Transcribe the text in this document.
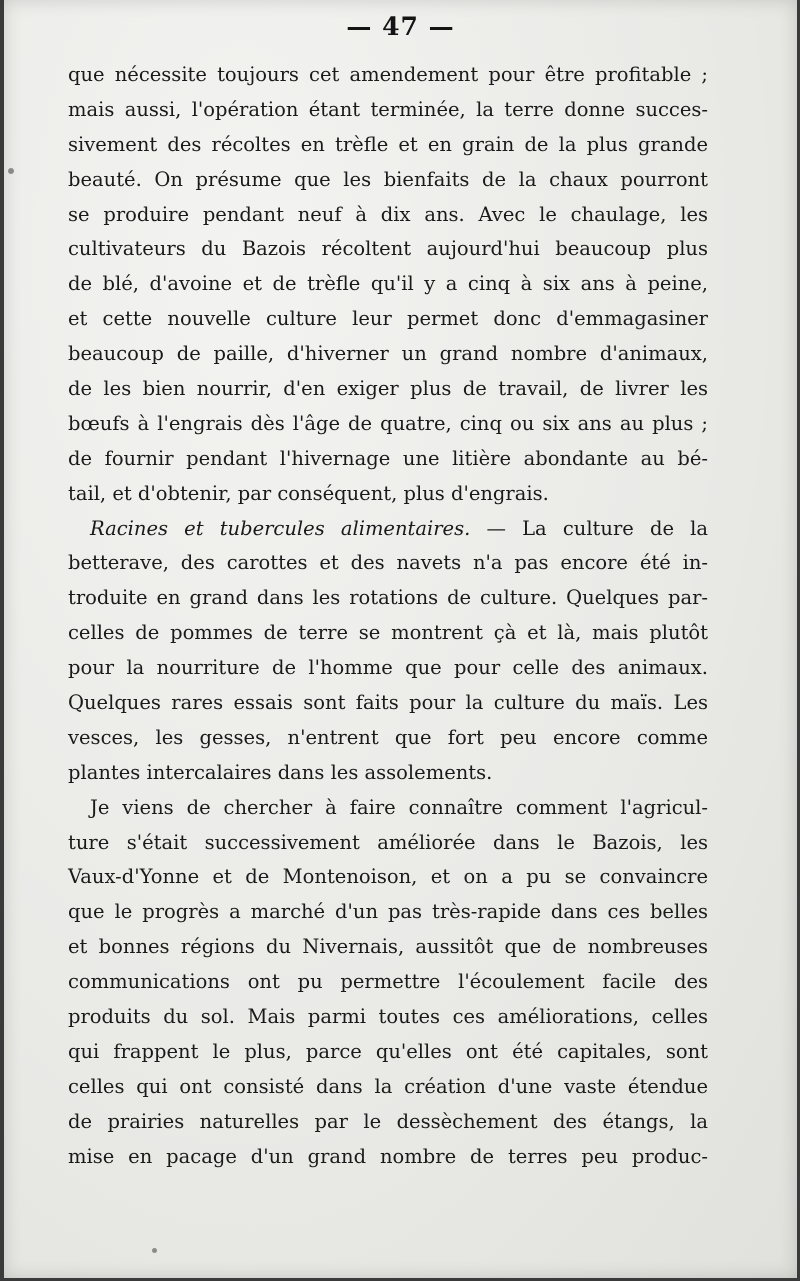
— 47 —
que nécessite toujours cet amendement pour être profitable ;
mais aussi, l'opération étant terminée, la terre donne succes-
sivement des récoltes en trèfle et en grain de la plus grande
beauté. On présume que les bienfaits de la chaux pourront
se produire pendant neuf à dix ans. Avec le chaulage, les
cultivateurs du Bazois récoltent aujourd'hui beaucoup plus
de blé, d'avoine et de trèfle qu'il y a cinq à six ans à peine,
et cette nouvelle culture leur permet donc d'emmagasiner
beaucoup de paille, d'hiverner un grand nombre d'animaux,
de les bien nourrir, d'en exiger plus de travail, de livrer les
bœufs à l'engrais dès l'âge de quatre, cinq ou six ans au plus ;
de fournir pendant l'hivernage une litière abondante au bé-
tail, et d'obtenir, par conséquent, plus d'engrais.
Racines et tubercules alimentaires. — La culture de la
betterave, des carottes et des navets n'a pas encore été in-
troduite en grand dans les rotations de culture. Quelques par-
celles de pommes de terre se montrent çà et là, mais plutôt
pour la nourriture de l'homme que pour celle des animaux.
Quelques rares essais sont faits pour la culture du maïs. Les
vesces, les gesses, n'entrent que fort peu encore comme
plantes intercalaires dans les assolements.
Je viens de chercher à faire connaître comment l'agricul-
ture s'était successivement améliorée dans le Bazois, les
Vaux-d'Yonne et de Montenoison, et on a pu se convaincre
que le progrès a marché d'un pas très-rapide dans ces belles
et bonnes régions du Nivernais, aussitôt que de nombreuses
communications ont pu permettre l'écoulement facile des
produits du sol. Mais parmi toutes ces améliorations, celles
qui frappent le plus, parce qu'elles ont été capitales, sont
celles qui ont consisté dans la création d'une vaste étendue
de prairies naturelles par le dessèchement des étangs, la
mise en pacage d'un grand nombre de terres peu produc-
